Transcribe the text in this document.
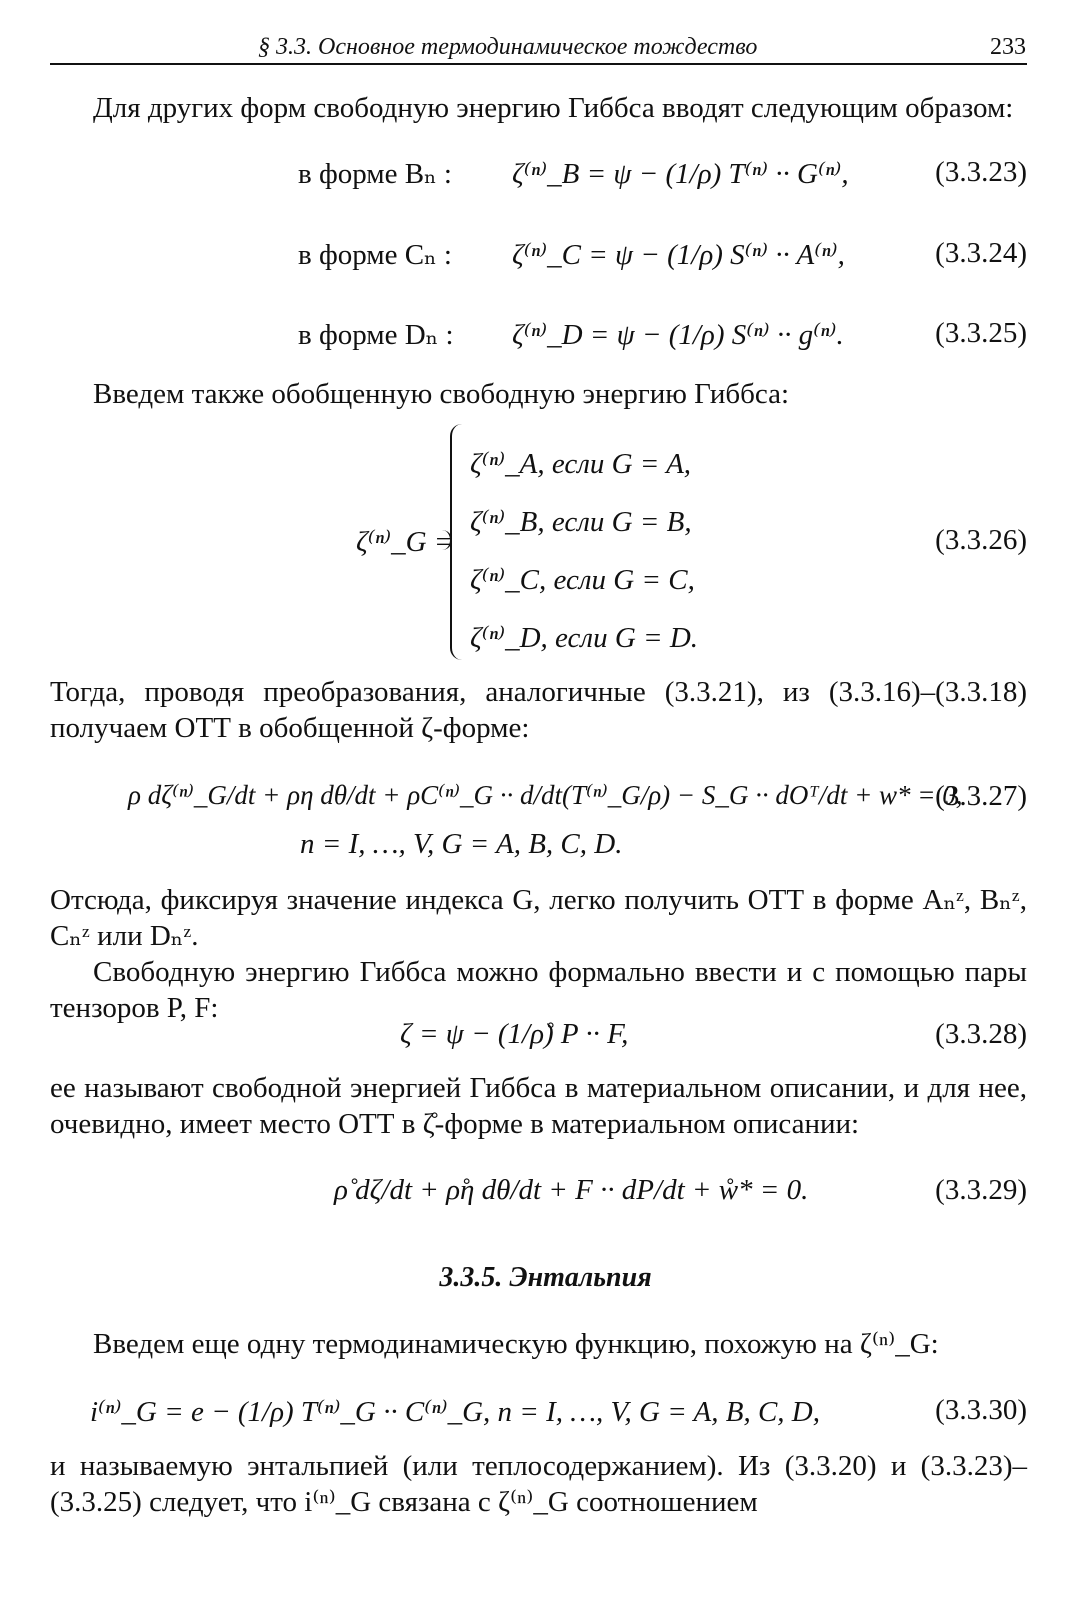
§ 3.3. Основное термодинамическое тождество	233
Для других форм свободную энергию Гиббса вводят следующим образом:
в форме Bₙ : ζ⁽ⁿ⁾_B = ψ − (1/ρ) T⁽ⁿ⁾ ·· G⁽ⁿ⁾,	(3.3.23)
в форме Cₙ : ζ⁽ⁿ⁾_C = ψ − (1/ρ) S⁽ⁿ⁾ ·· A⁽ⁿ⁾,	(3.3.24)
в форме Dₙ : ζ⁽ⁿ⁾_D = ψ − (1/ρ) S⁽ⁿ⁾ ·· g⁽ⁿ⁾.	(3.3.25)
Введем также обобщенную свободную энергию Гиббса:
ζ⁽ⁿ⁾_G =
ζ⁽ⁿ⁾_A, если G = A,
ζ⁽ⁿ⁾_B, если G = B,
ζ⁽ⁿ⁾_C, если G = C,
ζ⁽ⁿ⁾_D, если G = D.
(3.3.26)
Тогда, проводя преобразования, аналогичные (3.3.21), из (3.3.16)–(3.3.18) получаем ОТТ в обобщенной ζ-форме:
ρ dζ⁽ⁿ⁾_G/dt + ρη dθ/dt + ρC⁽ⁿ⁾_G ·· d/dt(T⁽ⁿ⁾_G/ρ) − S_G ·· dOᵀ/dt + w* = 0,
(3.3.27)
n = I, …, V, G = A, B, C, D.
Отсюда, фиксируя значение индекса G, легко получить ОТТ в форме Aₙᶻ, Bₙᶻ, Cₙᶻ или Dₙᶻ.
Свободную энергию Гиббса можно формально ввести и с помощью пары тензоров P, F:
ζ = ψ − (1/ρ̊) P ·· F,	(3.3.28)
ее называют свободной энергией Гиббса в материальном описании, и для нее, очевидно, имеет место ОТТ в ζ̊-форме в материальном описании:
ρ̊ dζ/dt + ρ̊η dθ/dt + F ·· dP/dt + ẘ* = 0.	(3.3.29)
3.3.5. Энтальпия
Введем еще одну термодинамическую функцию, похожую на ζ⁽ⁿ⁾_G:
i⁽ⁿ⁾_G = e − (1/ρ) T⁽ⁿ⁾_G ·· C⁽ⁿ⁾_G, n = I, …, V, G = A, B, C, D,	(3.3.30)
и называемую энтальпией (или теплосодержанием). Из (3.3.20) и (3.3.23)–(3.3.25) следует, что i⁽ⁿ⁾_G связана с ζ⁽ⁿ⁾_G соотношением
